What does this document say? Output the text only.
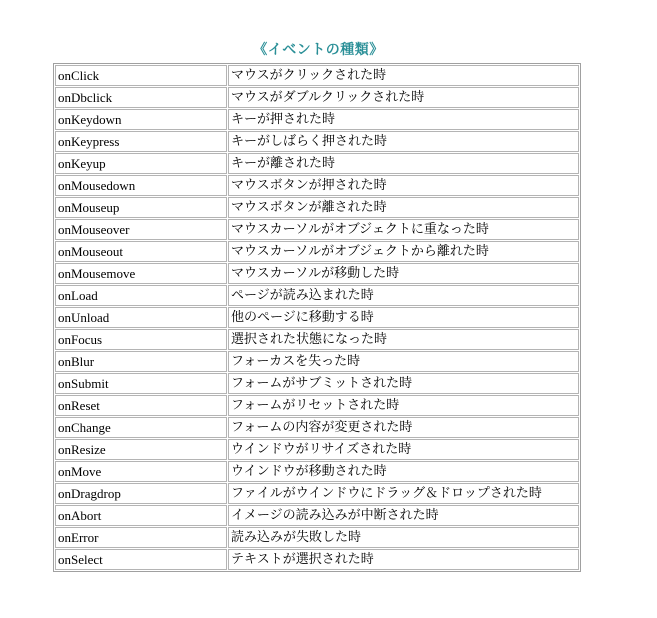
《イベントの種類》
onClick	マウスがクリックされた時
onDbclick	マウスがダブルクリックされた時
onKeydown	キーが押された時
onKeypress	キーがしばらく押された時
onKeyup	キーが離された時
onMousedown	マウスボタンが押された時
onMouseup	マウスボタンが離された時
onMouseover	マウスカーソルがオブジェクトに重なった時
onMouseout	マウスカーソルがオブジェクトから離れた時
onMousemove	マウスカーソルが移動した時
onLoad	ページが読み込まれた時
onUnload	他のページに移動する時
onFocus	選択された状態になった時
onBlur	フォーカスを失った時
onSubmit	フォームがサブミットされた時
onReset	フォームがリセットされた時
onChange	フォームの内容が変更された時
onResize	ウインドウがリサイズされた時
onMove	ウインドウが移動された時
onDragdrop	ファイルがウインドウにドラッグ＆ドロップされた時
onAbort	イメージの読み込みが中断された時
onError	読み込みが失敗した時
onSelect	テキストが選択された時
